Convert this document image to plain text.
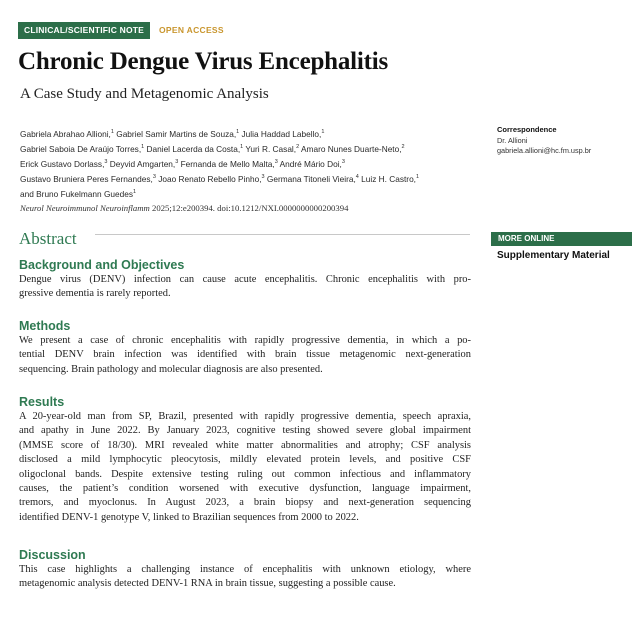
CLINICAL/SCIENTIFIC NOTE	OPEN ACCESS
Chronic Dengue Virus Encephalitis
A Case Study and Metagenomic Analysis
Gabriela Abrahao Allioni,$^1$ Gabriel Samir Martins de Souza,$^1$ Julia Haddad Labello,$^1$
Gabriel Saboia De Araújo Torres,$^1$ Daniel Lacerda da Costa,$^1$ Yuri R. Casal,$^2$ Amaro Nunes Duarte-Neto,$^2$
Erick Gustavo Dorlass,$^3$ Deyvid Amgarten,$^3$ Fernanda de Mello Malta,$^3$ André Mário Doi,$^3$
Gustavo Bruniera Peres Fernandes,$^3$ Joao Renato Rebello Pinho,$^3$ Germana Titoneli Vieira,$^4$ Luiz H. Castro,$^1$
and Bruno Fukelmann Guedes$^1$
Correspondence
Dr. Allioni
gabriela.allioni@hc.fm.usp.br
Neurol Neuroimmunol Neuroinflamm 2025;12:e200394. doi:10.1212/NXI.0000000000200394
Abstract	MORE ONLINE
Supplementary Material
Background and Objectives
Dengue virus (DENV) infection can cause acute encephalitis. Chronic encephalitis with pro-
gressive dementia is rarely reported.
Methods
We present a case of chronic encephalitis with rapidly progressive dementia, in which a po-
tential DENV brain infection was identified with brain tissue metagenomic next-generation
sequencing. Brain pathology and molecular diagnosis are also presented.
Results
A 20-year-old man from SP, Brazil, presented with rapidly progressive dementia, speech apraxia,
and apathy in June 2022. By January 2023, cognitive testing showed severe global impairment
(MMSE score of 18/30). MRI revealed white matter abnormalities and atrophy; CSF analysis
disclosed a mild lymphocytic pleocytosis, mildly elevated protein levels, and positive CSF
oligoclonal bands. Despite extensive testing ruling out common infectious and inflammatory
causes, the patient’s condition worsened with executive dysfunction, language impairment,
tremors, and myoclonus. In August 2023, a brain biopsy and next-generation sequencing
identified DENV-1 genotype V, linked to Brazilian sequences from 2000 to 2022.
Discussion
This case highlights a challenging instance of encephalitis with unknown etiology, where
metagenomic analysis detected DENV-1 RNA in brain tissue, suggesting a possible cause.
